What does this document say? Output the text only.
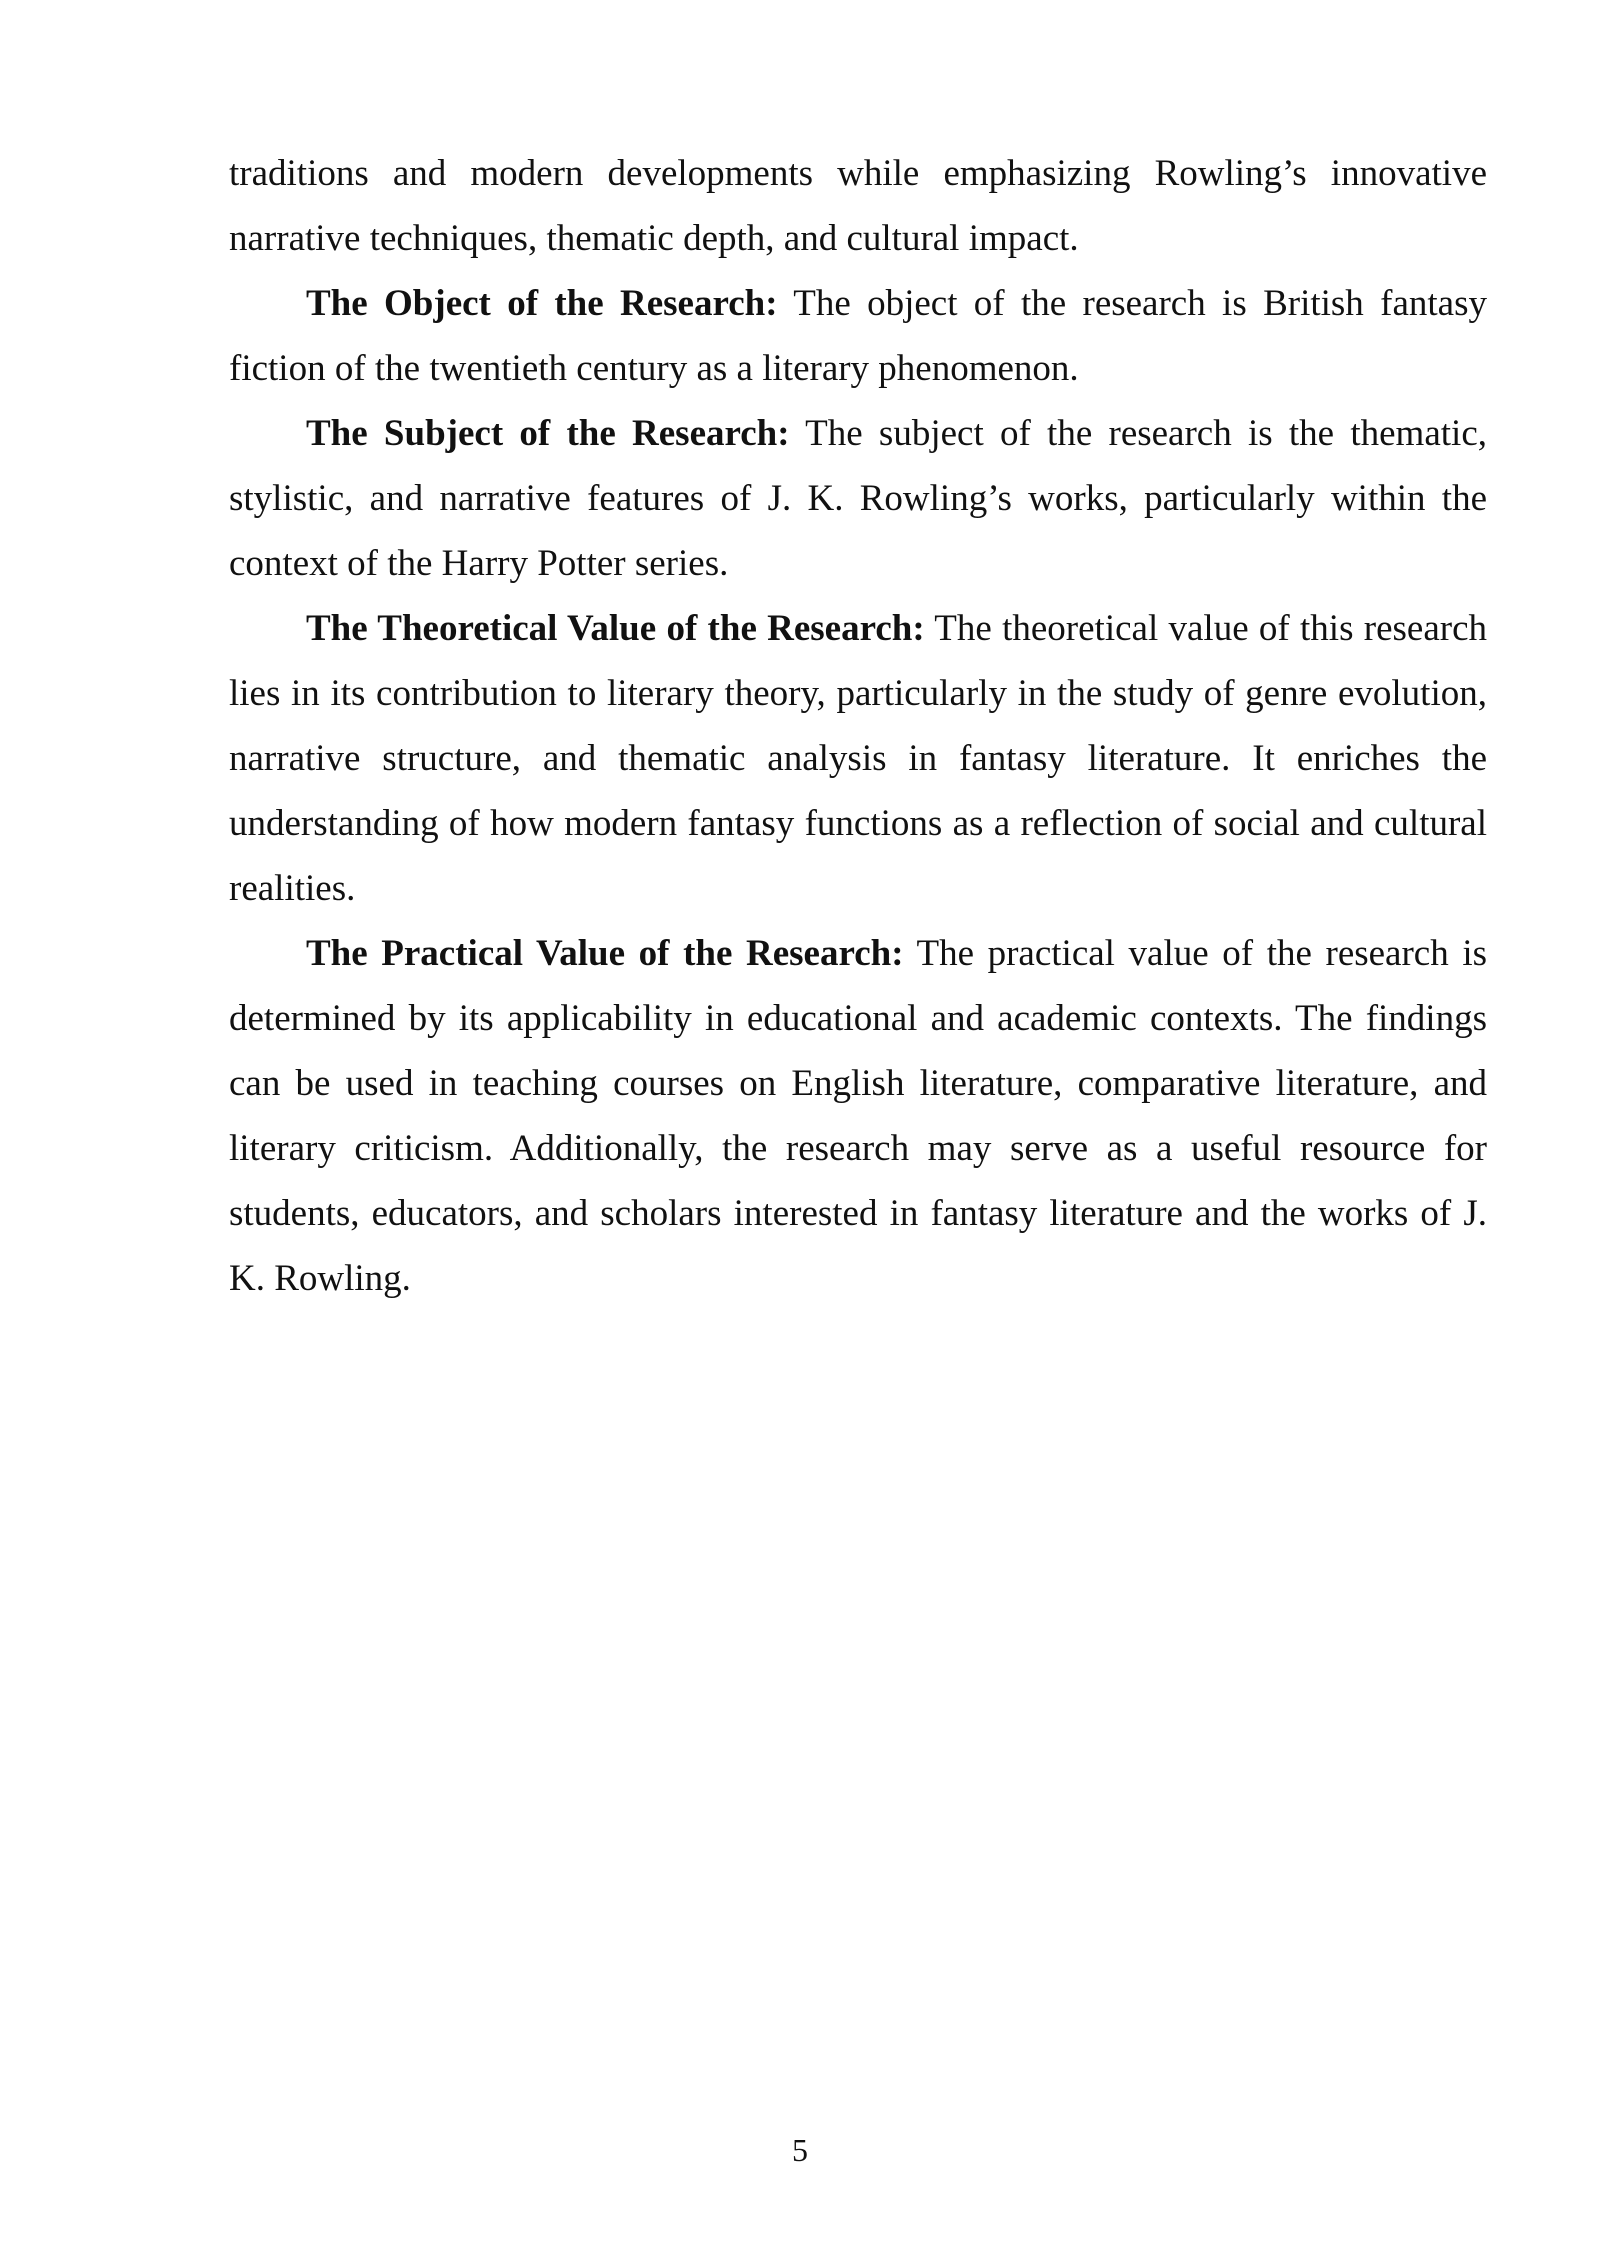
traditions and modern developments while emphasizing Rowling’s innovative narrative techniques, thematic depth, and cultural impact.

The Object of the Research: The object of the research is British fantasy fiction of the twentieth century as a literary phenomenon.

The Subject of the Research: The subject of the research is the thematic, stylistic, and narrative features of J. K. Rowling’s works, particularly within the context of the Harry Potter series.

The Theoretical Value of the Research: The theoretical value of this research lies in its contribution to literary theory, particularly in the study of genre evolution, narrative structure, and thematic analysis in fantasy literature. It enriches the understanding of how modern fantasy functions as a reflection of social and cultural realities.

The Practical Value of the Research: The practical value of the research is determined by its applicability in educational and academic contexts. The findings can be used in teaching courses on English literature, comparative literature, and literary criticism. Additionally, the research may serve as a useful resource for students, educators, and scholars interested in fantasy literature and the works of J. K. Rowling.

5
